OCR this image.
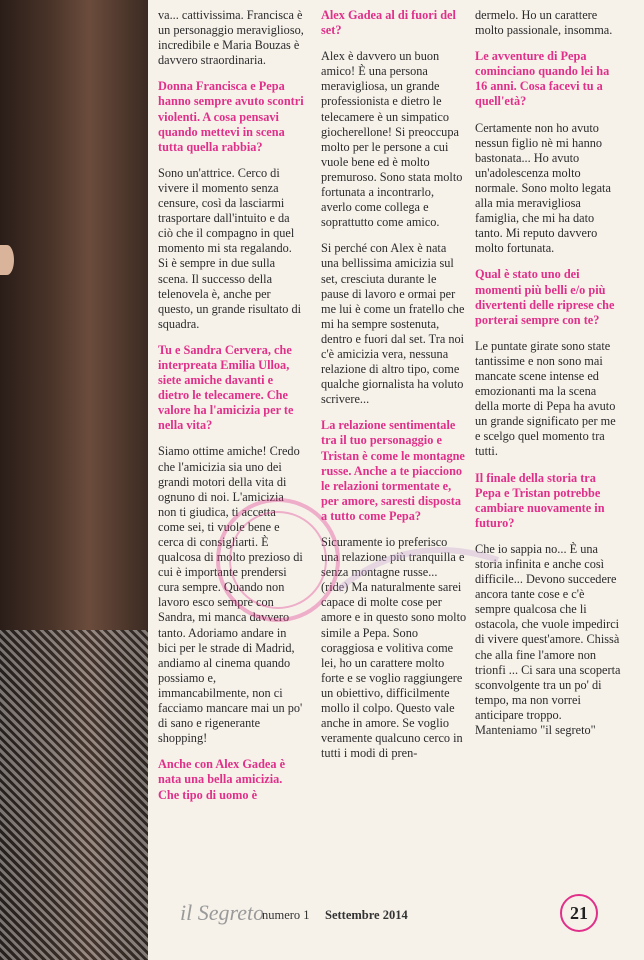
va... cattivissima. Francisca è un personaggio meraviglioso, incredibile e Maria Bouzas è davvero straordinaria.

Donna Francisca e Pepa hanno sempre avuto scontri violenti. A cosa pensavi quando mettevi in scena tutta quella rabbia?

Sono un'attrice. Cerco di vivere il momento senza censure, così da lasciarmi trasportare dall'intuito e da ciò che il compagno in quel momento mi sta regalando. Si è sempre in due sulla scena. Il successo della telenovela è, anche per questo, un grande risultato di squadra.

Tu e Sandra Cervera, che interpreata Emilia Ulloa, siete amiche davanti e dietro le telecamere. Che valore ha l'amicizia per te nella vita?

Siamo ottime amiche! Credo che l'amicizia sia uno dei grandi motori della vita di ognuno di noi. L'amicizia non ti giudica, ti accetta come sei, ti vuole bene e cerca di consigliarti. È qualcosa di molto prezioso di cui è importante prendersi cura sempre. Quando non lavoro esco sempre con Sandra, mi manca davvero tanto. Adoriamo andare in bici per le strade di Madrid, andiamo al cinema quando possiamo e, immancabilmente, non ci facciamo mancare mai un po' di sano e rigenerante shopping!

Anche con Alex Gadea è nata una bella amicizia. Che tipo di uomo è

Alex Gadea al di fuori del set?

Alex è davvero un buon amico! È una persona meravigliosa, un grande professionista e dietro le telecamere è un simpatico giocherellone! Si preoccupa molto per le persone a cui vuole bene ed è molto premuroso. Sono stata molto fortunata a incontrarlo, averlo come collega e soprattutto come amico.

Si perché con Alex è nata una bellissima amicizia sul set, cresciuta durante le pause di lavoro e ormai per me lui è come un fratello che mi ha sempre sostenuta, dentro e fuori dal set. Tra noi c'è amicizia vera, nessuna relazione di altro tipo, come qualche giornalista ha voluto scrivere...

La relazione sentimentale tra il tuo personaggio e Tristan è come le montagne russe. Anche a te piacciono le relazioni tormentate e, per amore, saresti disposta a tutto come Pepa?

Sicuramente io preferisco una relazione più tranquilla e senza montagne russe... (ride) Ma naturalmente sarei capace di molte cose per amore e in questo sono molto simile a Pepa. Sono coraggiosa e volitiva come lei, ho un carattere molto forte e se voglio raggiungere un obiettivo, difficilmente mollo il colpo. Questo vale anche in amore. Se voglio veramente qualcuno cerco in tutti i modi di pren-

dermelo. Ho un carattere molto passionale, insomma.

Le avventure di Pepa cominciano quando lei ha 16 anni. Cosa facevi tu a quell'età?

Certamente non ho avuto nessun figlio nè mi hanno bastonata... Ho avuto un'adolescenza molto normale. Sono molto legata alla mia meravigliosa famiglia, che mi ha dato tanto. Mi reputo davvero molto fortunata.

Qual è stato uno dei momenti più belli e/o più divertenti delle riprese che porterai sempre con te?

Le puntate girate sono state tantissime e non sono mai mancate scene intense ed emozionanti ma la scena della morte di Pepa ha avuto un grande significato per me e scelgo quel momento tra tutti.

Il finale della storia tra Pepa e Tristan potrebbe cambiare nuovamente in futuro?

Che io sappia no... È una storia infinita e anche così difficile... Devono succedere ancora tante cose e c'è sempre qualcosa che li ostacola, che vuole impedirci di vivere quest'amore. Chissà che alla fine l'amore non trionfi ... Ci sara una scoperta sconvolgente tra un po' di tempo, ma non vorrei anticipare troppo. Manteniamo "il segreto"

il Segreto
numero 1 Settembre 2014	21
